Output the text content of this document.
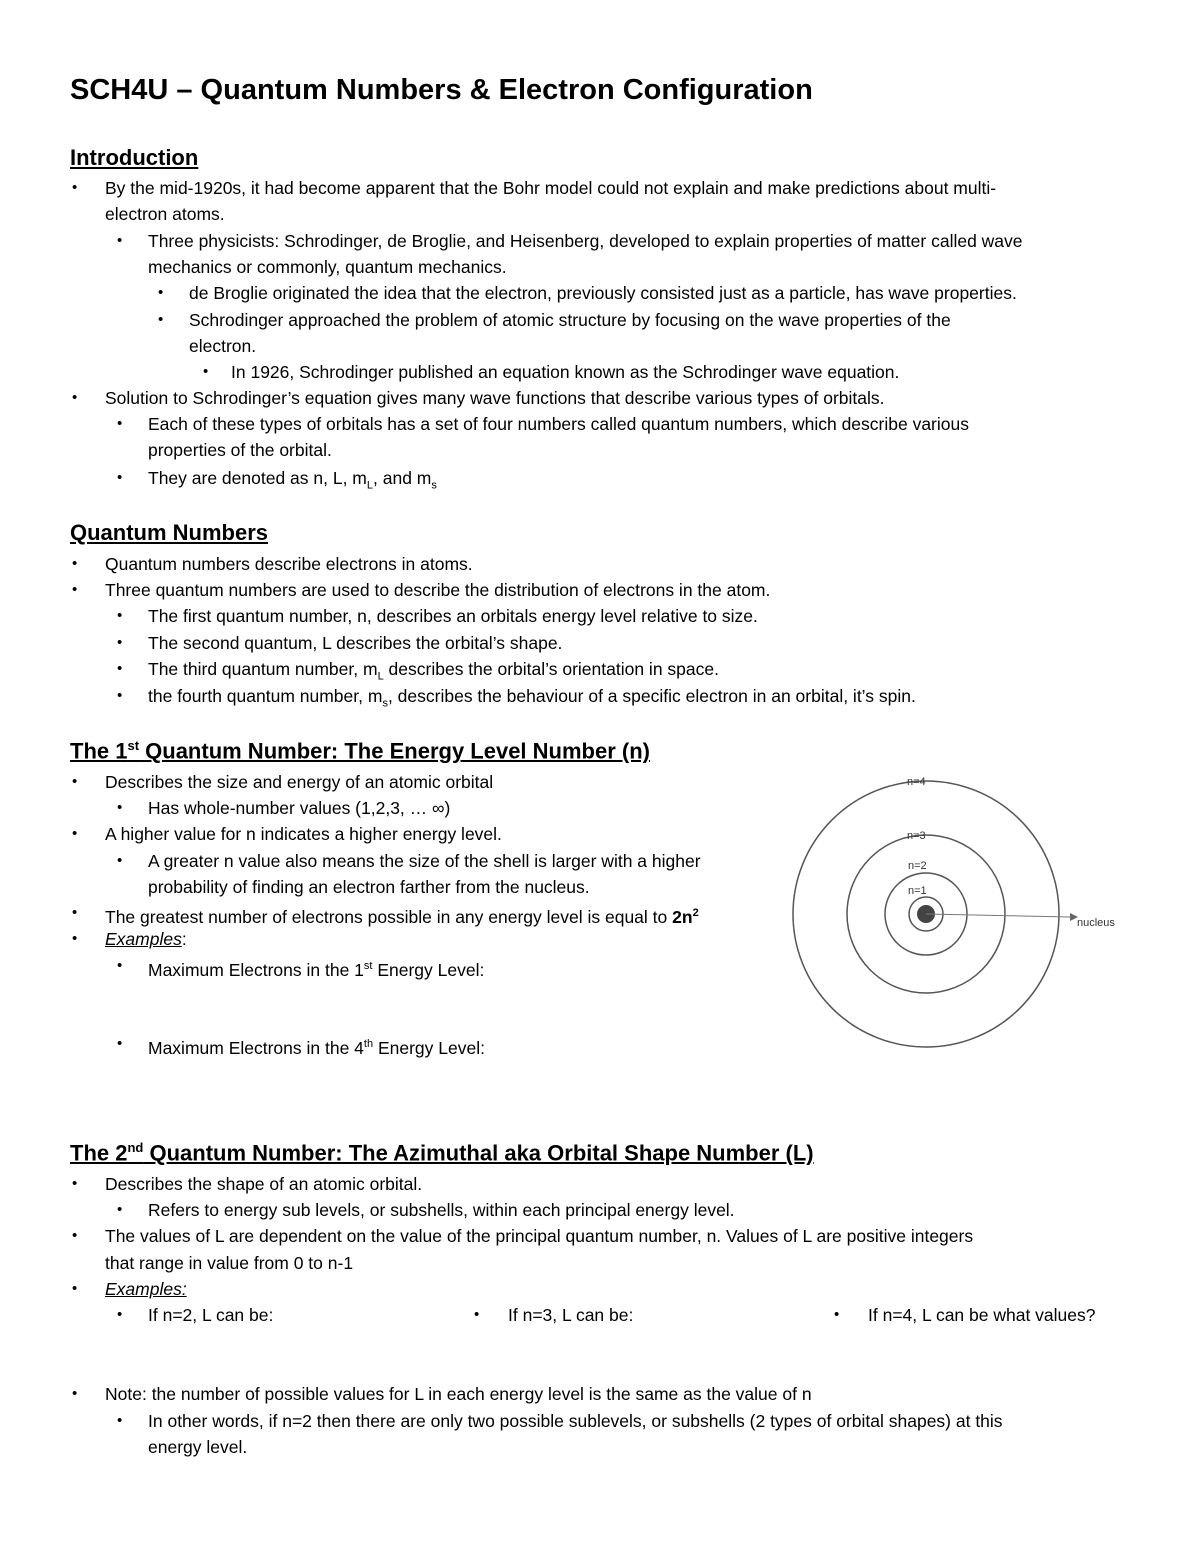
SCH4U – Quantum Numbers & Electron Configuration
Introduction
• By the mid-1920s, it had become apparent that the Bohr model could not explain and make predictions about multi-
electron atoms.
• Three physicists: Schrodinger, de Broglie, and Heisenberg, developed to explain properties of matter called wave
mechanics or commonly, quantum mechanics.
• de Broglie originated the idea that the electron, previously consisted just as a particle, has wave properties.
• Schrodinger approached the problem of atomic structure by focusing on the wave properties of the
electron.
• In 1926, Schrodinger published an equation known as the Schrodinger wave equation.
• Solution to Schrodinger’s equation gives many wave functions that describe various types of orbitals.
• Each of these types of orbitals has a set of four numbers called quantum numbers, which describe various
properties of the orbital.
• They are denoted as n, L, $m_L$, and $m_s$
Quantum Numbers
• Quantum numbers describe electrons in atoms.
• Three quantum numbers are used to describe the distribution of electrons in the atom.
• The first quantum number, n, describes an orbitals energy level relative to size.
• The second quantum, L describes the orbital’s shape.
• The third quantum number, $m_L$ describes the orbital’s orientation in space.
• the fourth quantum number, $m_s$, describes the behaviour of a specific electron in an orbital, it’s spin.
The 1st Quantum Number: The Energy Level Number (n)
• Describes the size and energy of an atomic orbital
• Has whole-number values (1,2,3, … ∞)
• A higher value for n indicates a higher energy level.
• A greater n value also means the size of the shell is larger with a higher
probability of finding an electron farther from the nucleus.
• The greatest number of electrons possible in any energy level is equal to $2n^2$
• Examples:
• Maximum Electrons in the 1st Energy Level:
• Maximum Electrons in the 4th Energy Level:
n=4
n=3
n=2
n=1
nucleus
The 2nd Quantum Number: The Azimuthal aka Orbital Shape Number (L)
• Describes the shape of an atomic orbital.
• Refers to energy sub levels, or subshells, within each principal energy level.
• The values of L are dependent on the value of the principal quantum number, n. Values of L are positive integers
that range in value from 0 to n-1
• Examples:
• If n=2, L can be:	• If n=3, L can be:	• If n=4, L can be what values?
• Note: the number of possible values for L in each energy level is the same as the value of n
• In other words, if n=2 then there are only two possible sublevels, or subshells (2 types of orbital shapes) at this
energy level.
